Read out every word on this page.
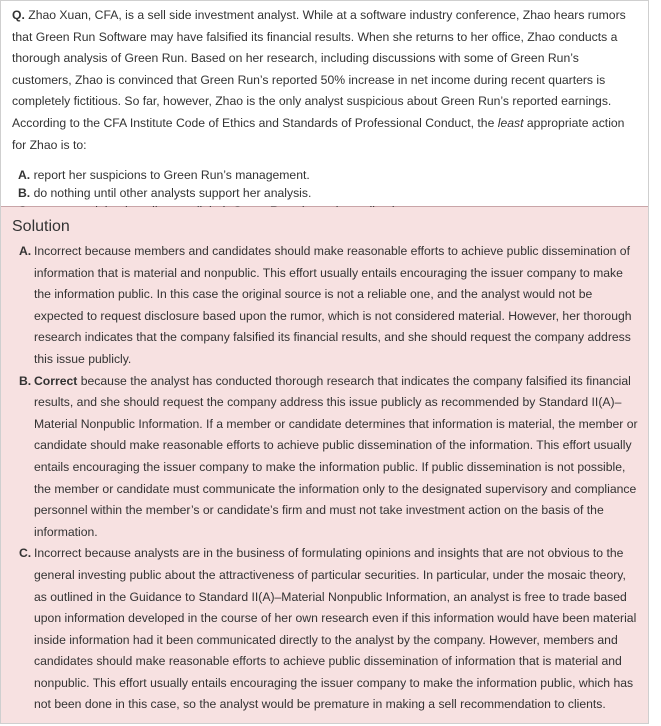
Q. Zhao Xuan, CFA, is a sell side investment analyst. While at a software industry conference, Zhao hears rumors that Green Run Software may have falsified its financial results. When she returns to her office, Zhao conducts a thorough analysis of Green Run. Based on her research, including discussions with some of Green Run’s customers, Zhao is convinced that Green Run’s reported 50% increase in net income during recent quarters is completely fictitious. So far, however, Zhao is the only analyst suspicious about Green Run’s reported earnings. According to the CFA Institute Code of Ethics and Standards of Professional Conduct, the least appropriate action for Zhao is to:

A. report her suspicions to Green Run’s management.
B. do nothing until other analysts support her analysis.
Solution
A. Incorrect because members and candidates should make reasonable efforts to achieve public dissemination of information that is material and nonpublic. This effort usually entails encouraging the issuer company to make the information public. In this case the original source is not a reliable one, and the analyst would not be expected to request disclosure based upon the rumor, which is not considered material. However, her thorough research indicates that the company falsified its financial results, and she should request the company address this issue publicly.
B. Correct because the analyst has conducted thorough research that indicates the company falsified its financial results, and she should request the company address this issue publicly as recommended by Standard II(A)–Material Nonpublic Information. If a member or candidate determines that information is material, the member or candidate should make reasonable efforts to achieve public dissemination of the information. This effort usually entails encouraging the issuer company to make the information public. If public dissemination is not possible, the member or candidate must communicate the information only to the designated supervisory and compliance personnel within the member’s or candidate’s firm and must not take investment action on the basis of the information.
C. Incorrect because analysts are in the business of formulating opinions and insights that are not obvious to the general investing public about the attractiveness of particular securities. In particular, under the mosaic theory, as outlined in the Guidance to Standard II(A)–Material Nonpublic Information, an analyst is free to trade based upon information developed in the course of her own research even if this information would have been material inside information had it been communicated directly to the analyst by the company. However, members and candidates should make reasonable efforts to achieve public dissemination of information that is material and nonpublic. This effort usually entails encouraging the issuer company to make the information public, which has not been done in this case, so the analyst would be premature in making a sell recommendation to clients.
